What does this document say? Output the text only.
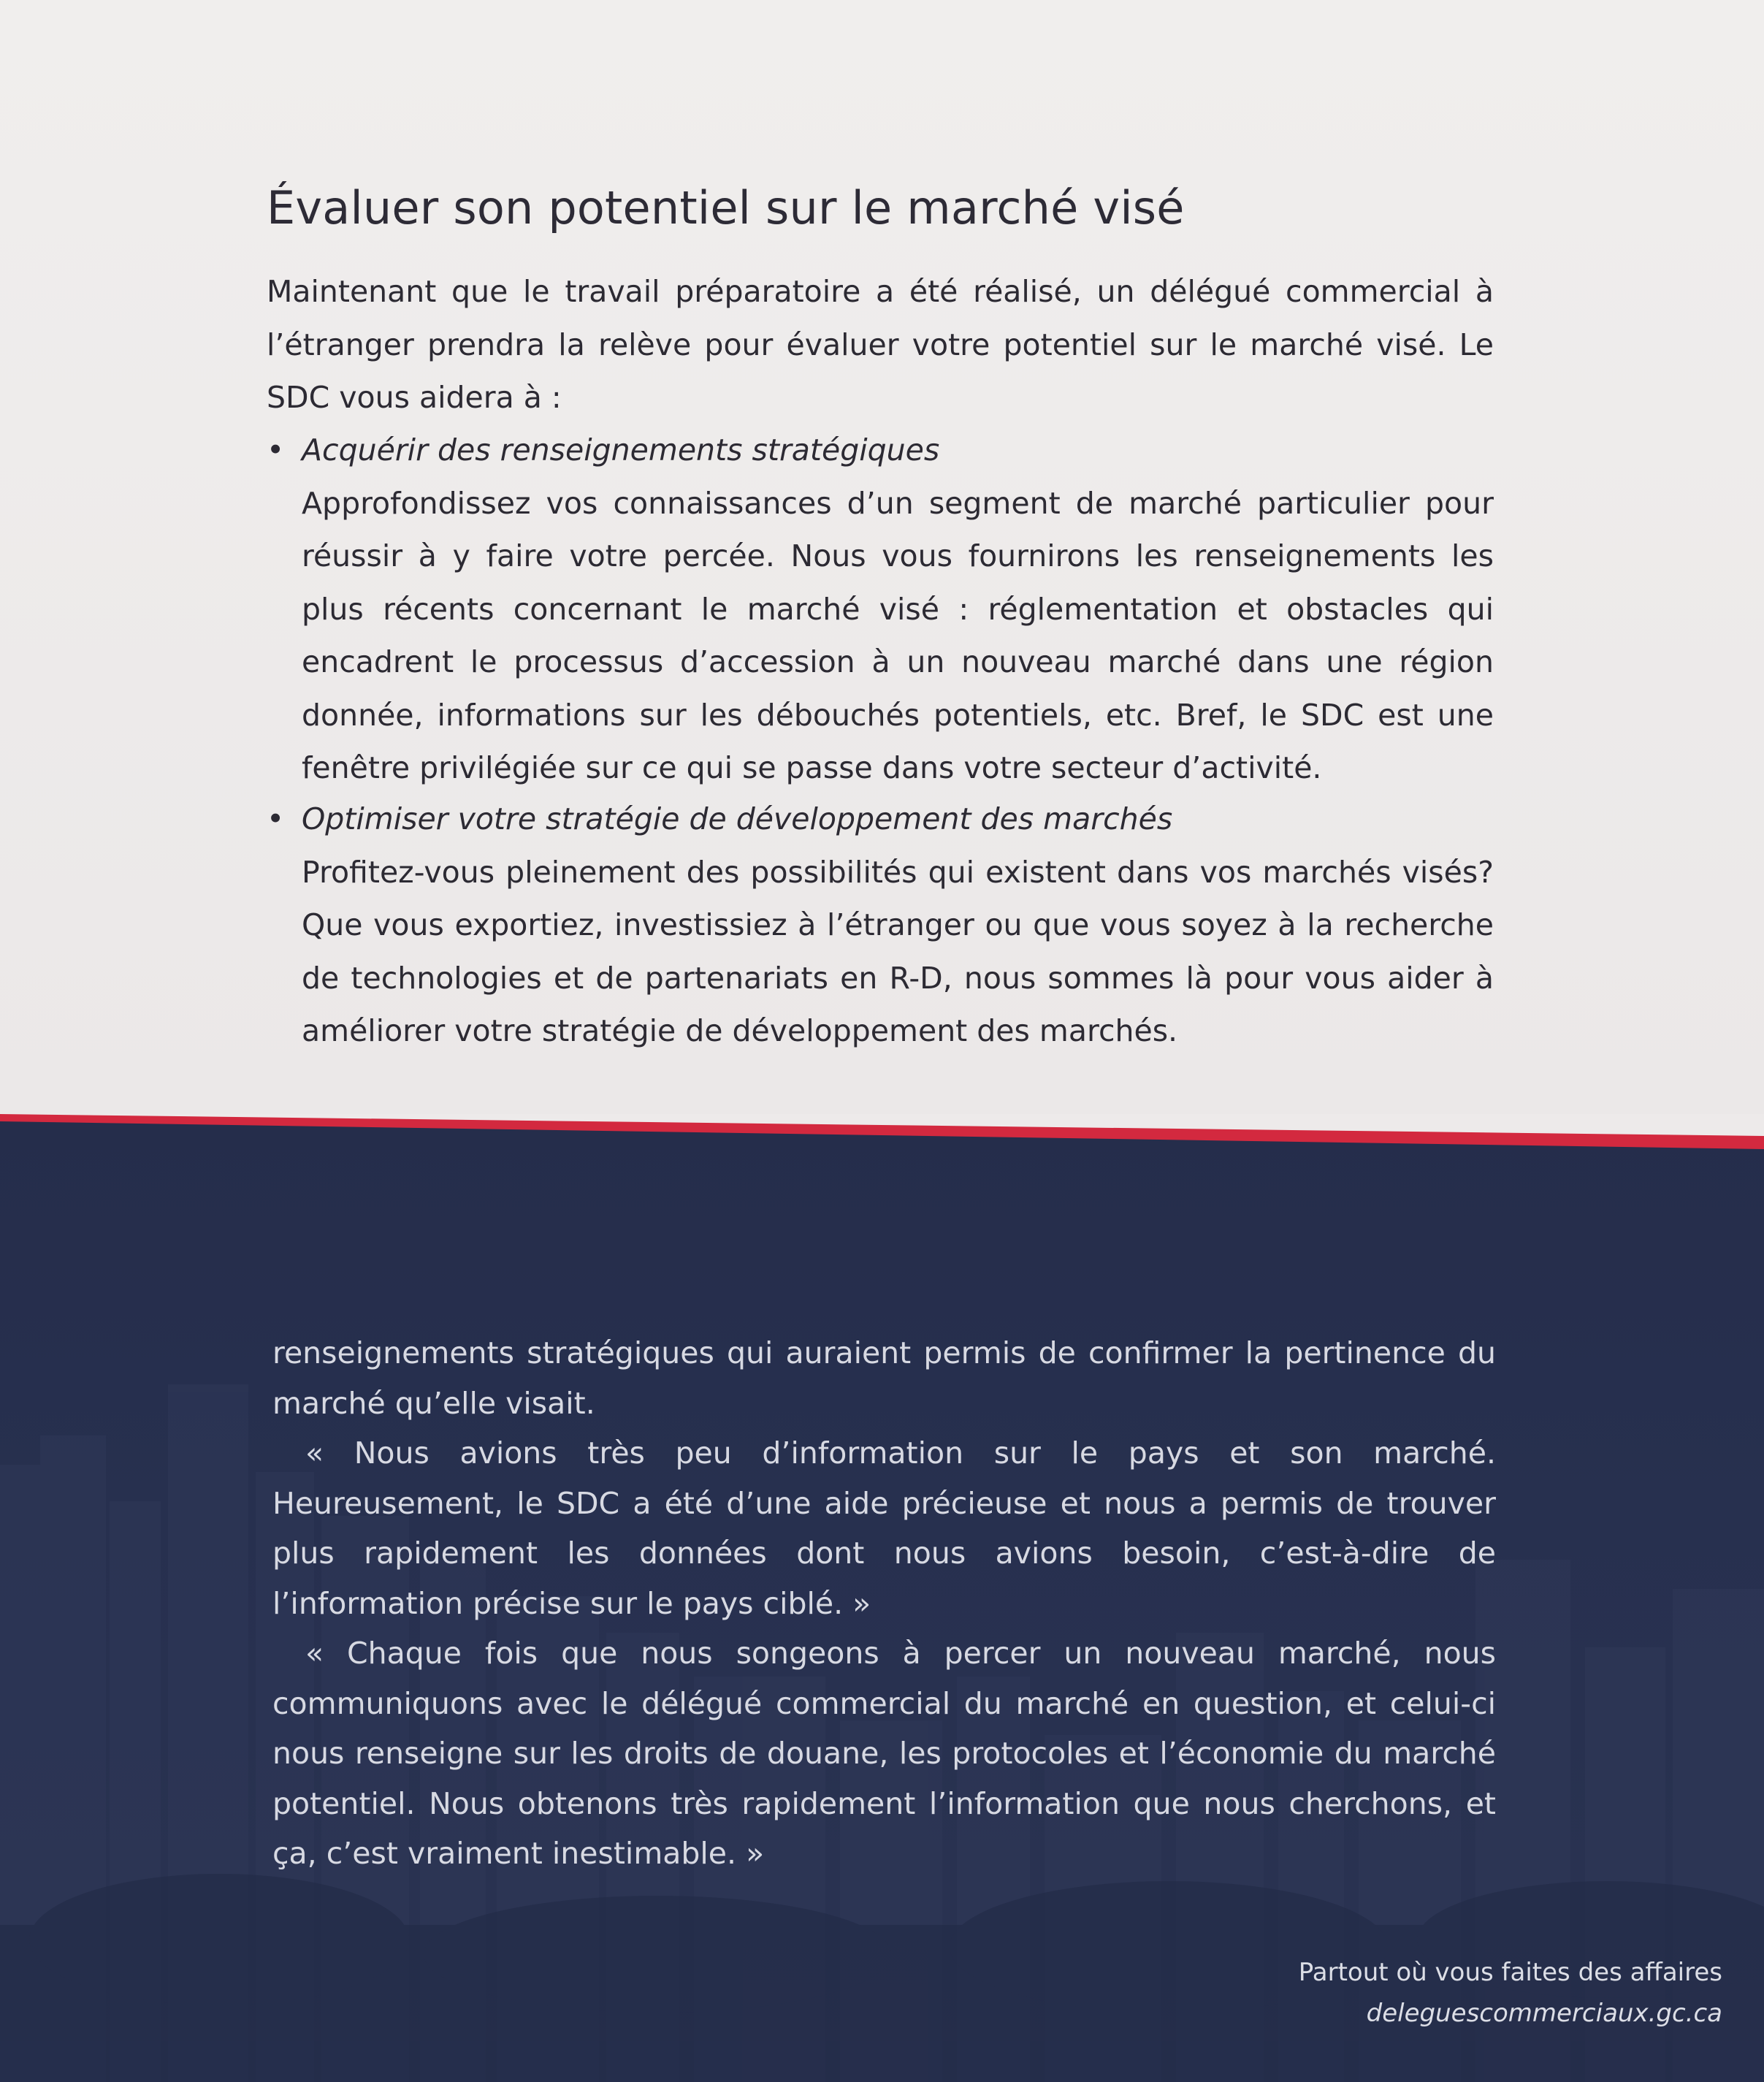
Évaluer son potentiel sur le marché visé

Maintenant que le travail préparatoire a été réalisé, un délégué commercial à l’étranger prendra la relève pour évaluer votre potentiel sur le marché visé. Le SDC vous aidera à :

• Acquérir des renseignements stratégiques

Approfondissez vos connaissances d’un segment de marché particulier pour réussir à y faire votre percée. Nous vous fournirons les renseignements les plus récents concernant le marché visé : réglementation et obstacles qui encadrent le processus d’accession à un nouveau marché dans une région donnée, informations sur les débouchés potentiels, etc. Bref, le SDC est une fenêtre privilégiée sur ce qui se passe dans votre secteur d’activité.

• Optimiser votre stratégie de développement des marchés

Profitez-vous pleinement des possibilités qui existent dans vos marchés visés? Que vous exportiez, investissiez à l’étranger ou que vous soyez à la recherche de technologies et de partenariats en R-D, nous sommes là pour vous aider à améliorer votre stratégie de développement des marchés.

renseignements stratégiques qui auraient permis de confirmer la pertinence du marché qu’elle visait.

« Nous avions très peu d’information sur le pays et son marché. Heureusement, le SDC a été d’une aide précieuse et nous a permis de trouver plus rapidement les données dont nous avions besoin, c’est-à-dire de l’information précise sur le pays ciblé. »

« Chaque fois que nous songeons à percer un nouveau marché, nous communiquons avec le délégué commercial du marché en question, et celui-ci nous renseigne sur les droits de douane, les protocoles et l’économie du marché potentiel. Nous obtenons très rapidement l’information que nous cherchons, et ça, c’est vraiment inestimable. »

Partout où vous faites des affaires
deleguescommerciaux.gc.ca
